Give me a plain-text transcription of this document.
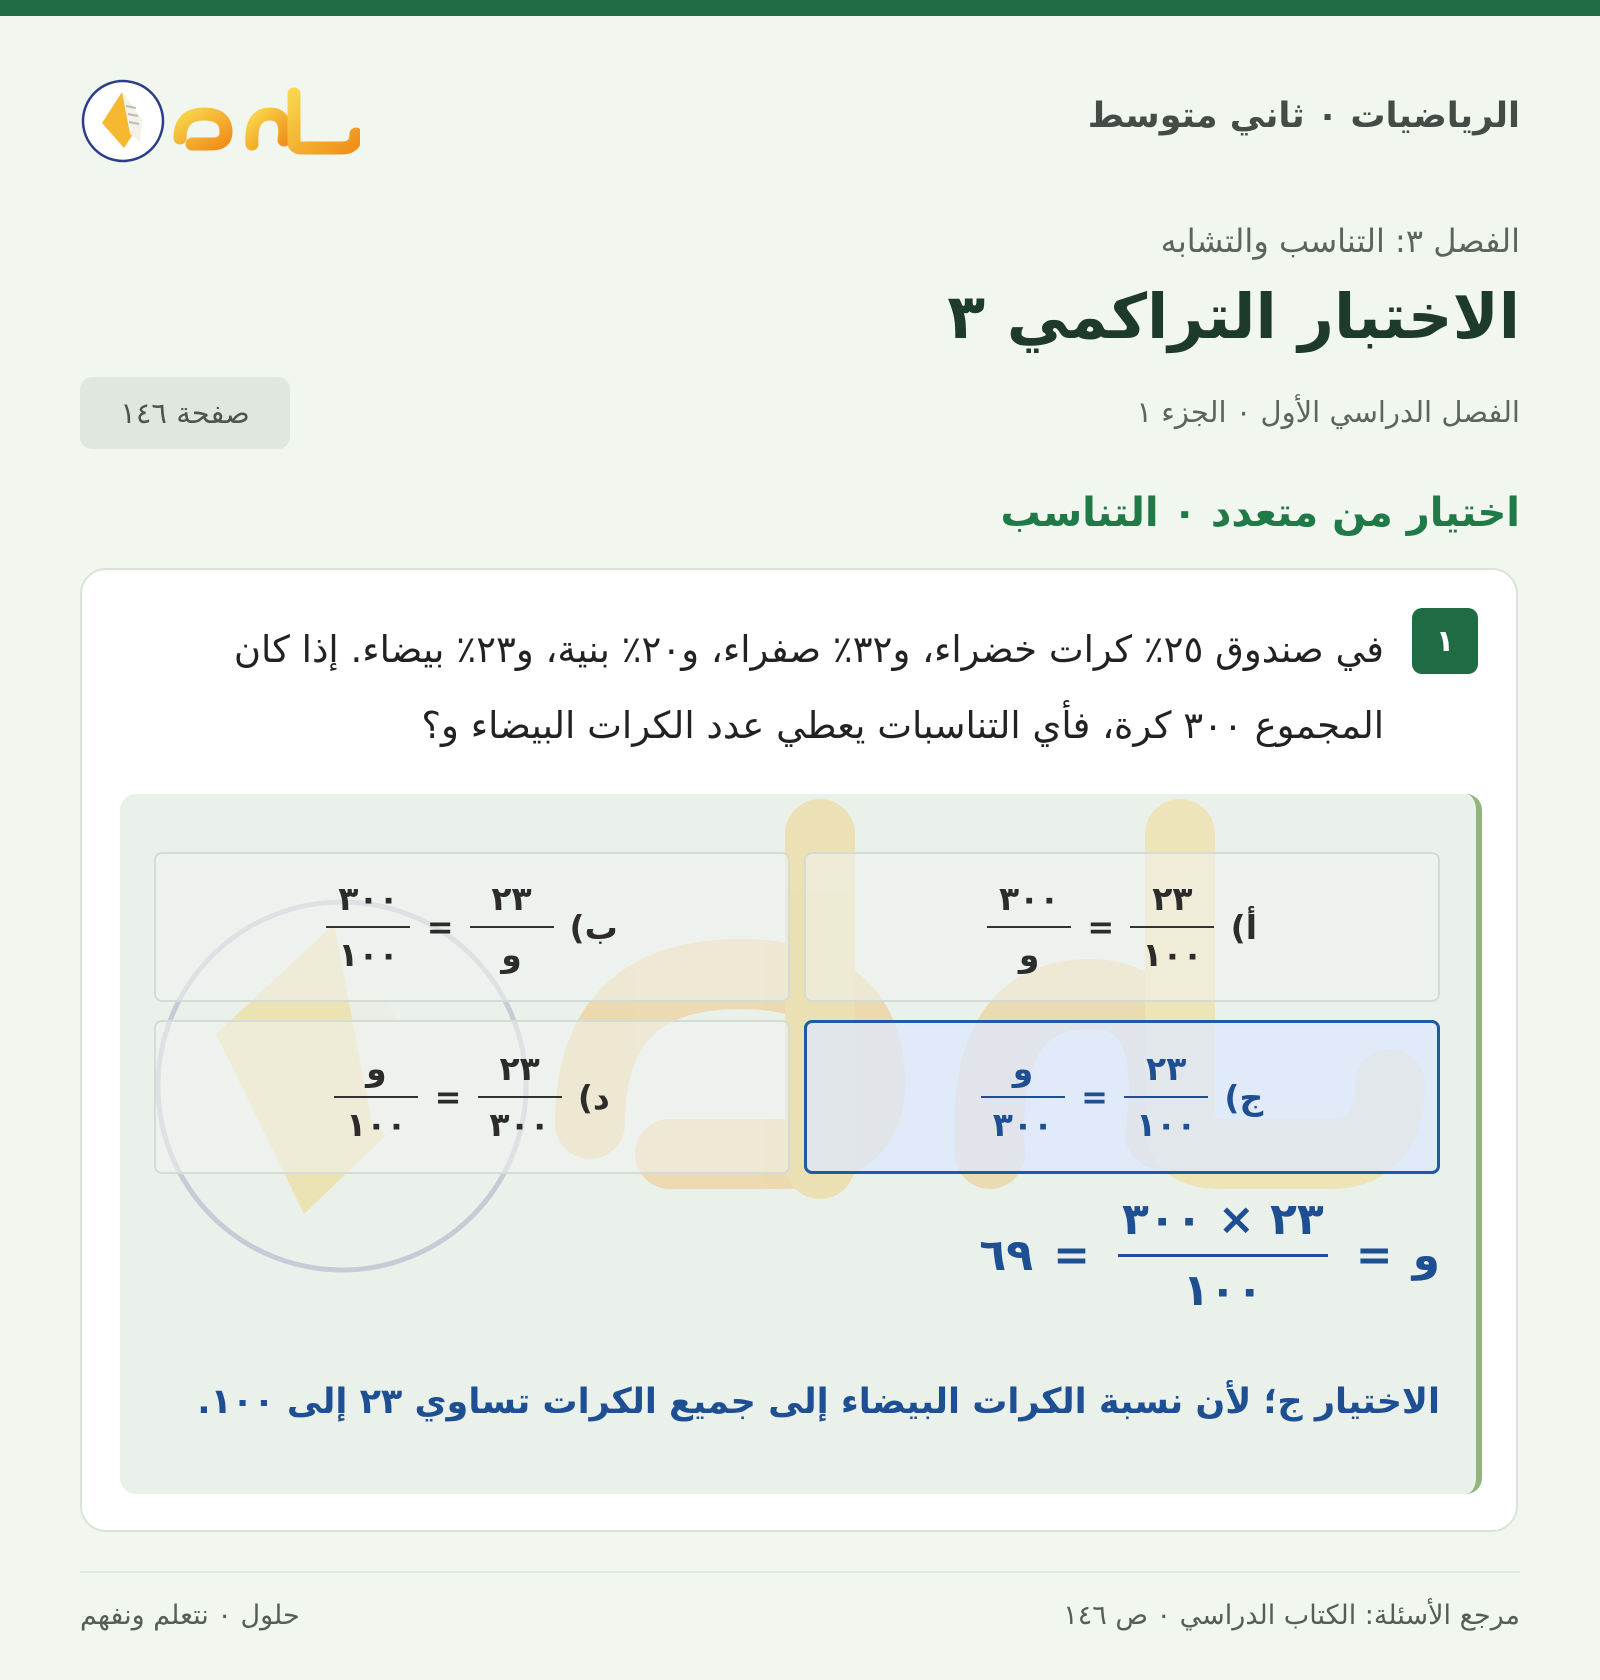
الرياضيات ٠ ثاني متوسط
الفصل ٣: التناسب والتشابه
الاختبار التراكمي ٣
الفصل الدراسي الأول ٠ الجزء ١
صفحة ١٤٦
اختيار من متعدد ٠ التناسب
١
في صندوق ٢٥٪ كرات خضراء، و٣٢٪ صفراء، و٢٠٪ بنية، و٢٣٪ بيضاء. إذا كان المجموع ٣٠٠ كرة، فأي التناسبات يعطي عدد الكرات البيضاء و؟
أ)
$\frac{٢٣}{١٠٠}$
=
$\frac{٣٠٠}{\text{و}}$
ب)
$\frac{٢٣}{\text{و}}$
=
$\frac{٣٠٠}{١٠٠}$
ج)
$\frac{٢٣}{١٠٠}$
=
$\frac{\text{و}}{٣٠٠}$
د)
$\frac{٢٣}{٣٠٠}$
=
$\frac{\text{و}}{١٠٠}$
و
=
$\frac{٢٣ \times ٣٠٠}{١٠٠}$
=
٦٩
الاختيار ج؛ لأن نسبة الكرات البيضاء إلى جميع الكرات تساوي ٢٣ إلى ١٠٠.
مرجع الأسئلة: الكتاب الدراسي ٠ ص ١٤٦
حلول ٠ نتعلم ونفهم
